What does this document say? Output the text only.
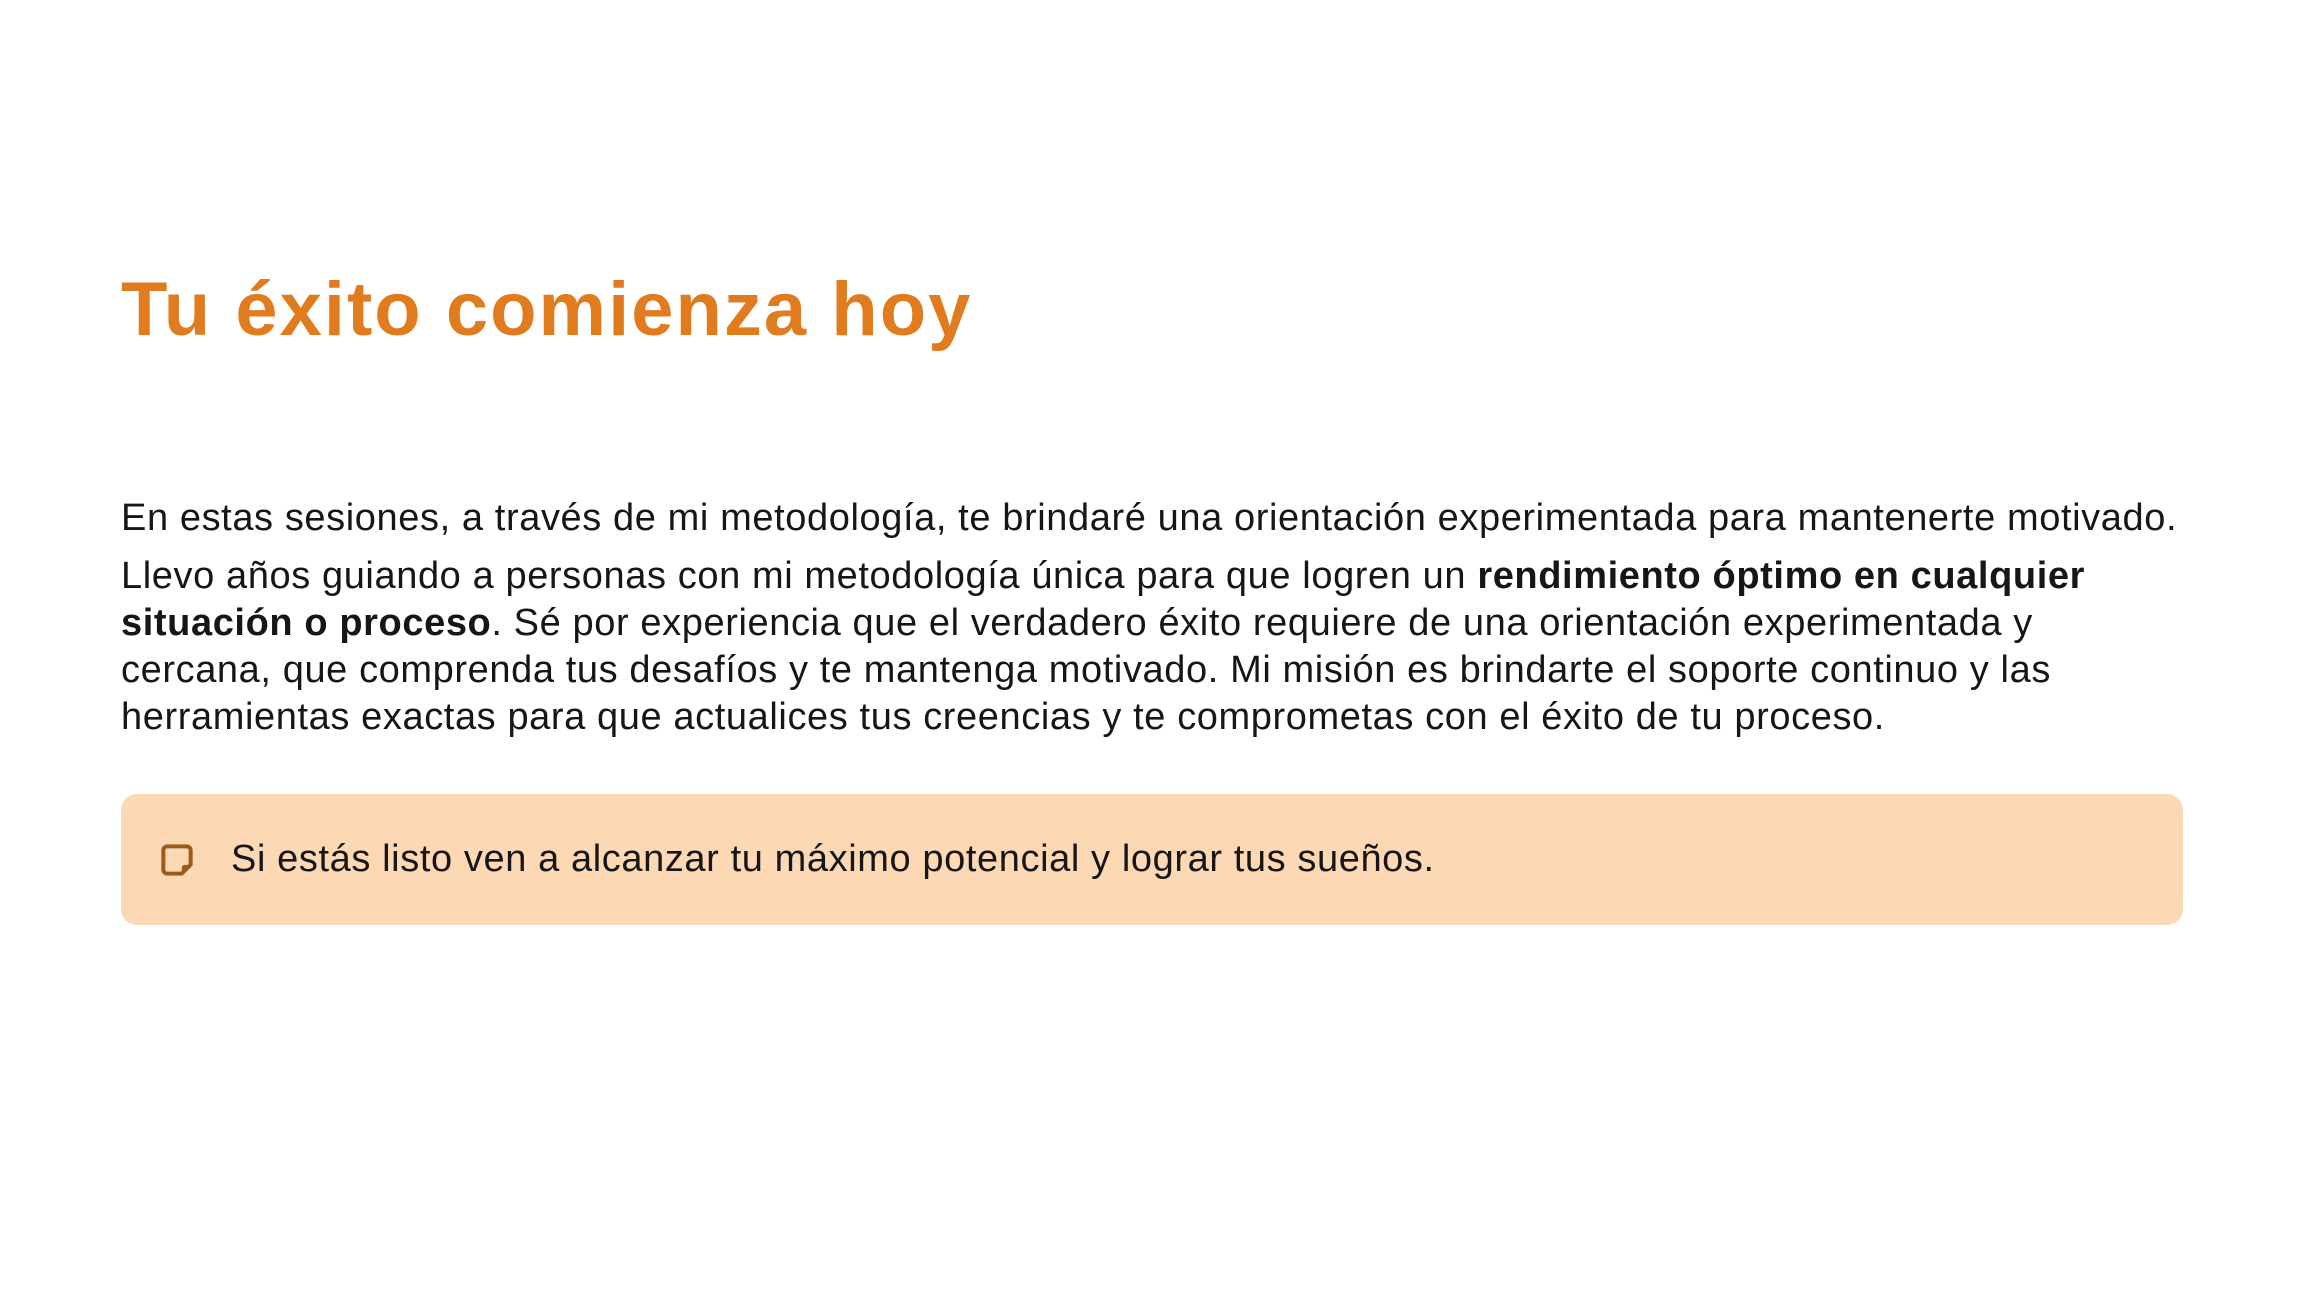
Tu éxito comienza hoy

En estas sesiones, a través de mi metodología, te brindaré una orientación experimentada para mantenerte motivado.

Llevo años guiando a personas con mi metodología única para que logren un rendimiento óptimo en cualquier situación o proceso. Sé por experiencia que el verdadero éxito requiere de una orientación experimentada y cercana, que comprenda tus desafíos y te mantenga motivado. Mi misión es brindarte el soporte continuo y las herramientas exactas para que actualices tus creencias y te comprometas con el éxito de tu proceso.

Si estás listo ven a alcanzar tu máximo potencial y lograr tus sueños.
